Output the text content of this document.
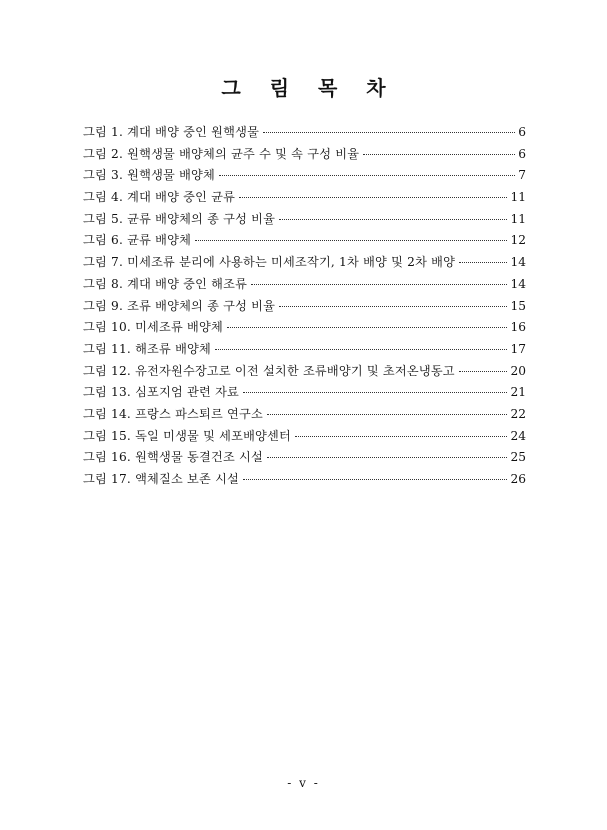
그 림 목 차
그림 1. 계대 배양 중인 원핵생물	6
그림 2. 원핵생물 배양체의 균주 수 및 속 구성 비율	6
그림 3. 원핵생물 배양체	7
그림 4. 계대 배양 중인 균류	11
그림 5. 균류 배양체의 종 구성 비율	11
그림 6. 균류 배양체	12
그림 7. 미세조류 분리에 사용하는 미세조작기, 1차 배양 및 2차 배양	14
그림 8. 계대 배양 중인 해조류	14
그림 9. 조류 배양체의 종 구성 비율	15
그림 10. 미세조류 배양체	16
그림 11. 해조류 배양체	17
그림 12. 유전자원수장고로 이전 설치한 조류배양기 및 초저온냉동고	20
그림 13. 심포지엄 관련 자료	21
그림 14. 프랑스 파스퇴르 연구소	22
그림 15. 독일 미생물 및 세포배양센터	24
그림 16. 원핵생물 동결건조 시설	25
그림 17. 액체질소 보존 시설	26
- v -
